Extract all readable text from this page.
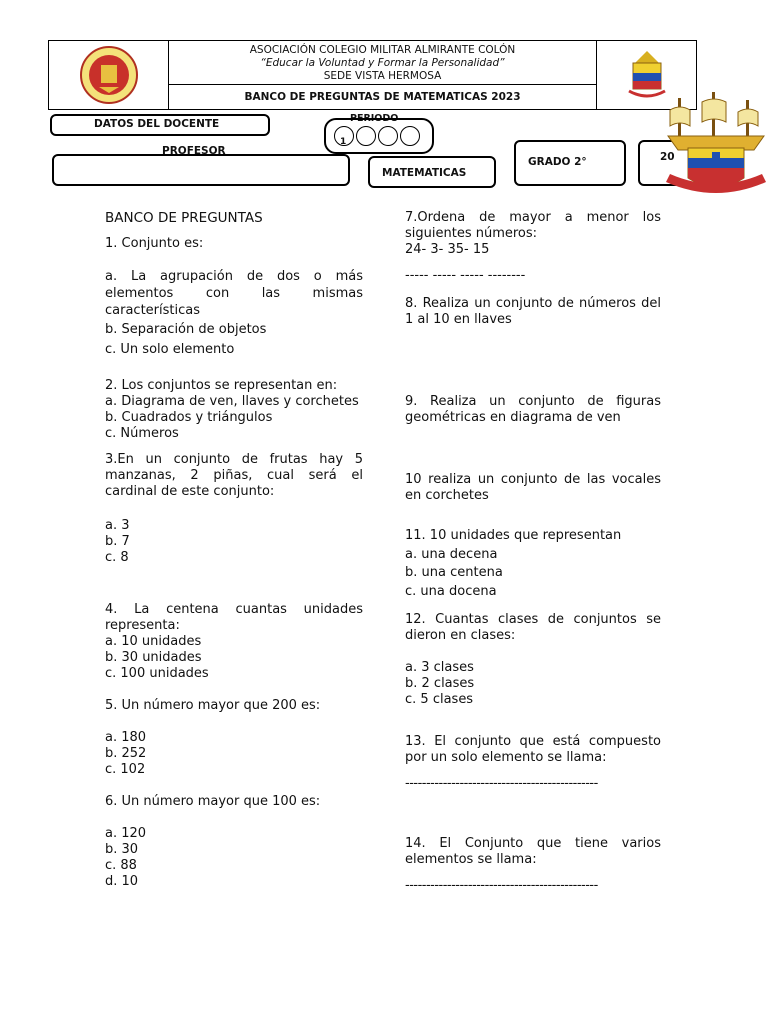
ASOCIACIÓN COLEGIO MILITAR ALMIRANTE COLÓN
“Educar la Voluntad y Formar la Personalidad”
SEDE VISTA HERMOSA
BANCO DE PREGUNTAS DE MATEMATICAS 2023
DATOS DEL DOCENTE	PERIODO
1
PROFESOR
MATEMATICAS
GRADO 2°	20

BANCO DE PREGUNTAS

1. Conjunto es:

a. La agrupación de dos o más elementos con las mismas características

b. Separación de objetos

c. Un solo elemento

2. Los conjuntos se representan en:

a. Diagrama de ven, llaves y corchetes

b. Cuadrados y triángulos

c. Números

3.En un conjunto de frutas hay 5 manzanas, 2 piñas, cual será el cardinal de este conjunto:

a. 3

b. 7

c. 8

4. La centena cuantas unidades representa:

a. 10 unidades

b. 30 unidades

c. 100 unidades

5. Un número mayor que 200 es:

a. 180

b. 252

c. 102

6. Un número mayor que 100 es:

a. 120

b. 30

c. 88

d. 10

7.Ordena de mayor a menor los siguientes números:

24- 3- 35- 15

----- ----- ----- --------

8. Realiza un conjunto de números del 1 al 10 en llaves

9. Realiza un conjunto de figuras geométricas en diagrama de ven

10 realiza un conjunto de las vocales en corchetes

11. 10 unidades que representan

a. una decena

b. una centena

c. una docena

12. Cuantas clases de conjuntos se dieron en clases:

a. 3 clases

b. 2 clases

c. 5 clases

13. El conjunto que está compuesto por un solo elemento se llama:

----------------------------------------------

14. El Conjunto que tiene varios elementos se llama:

----------------------------------------------
